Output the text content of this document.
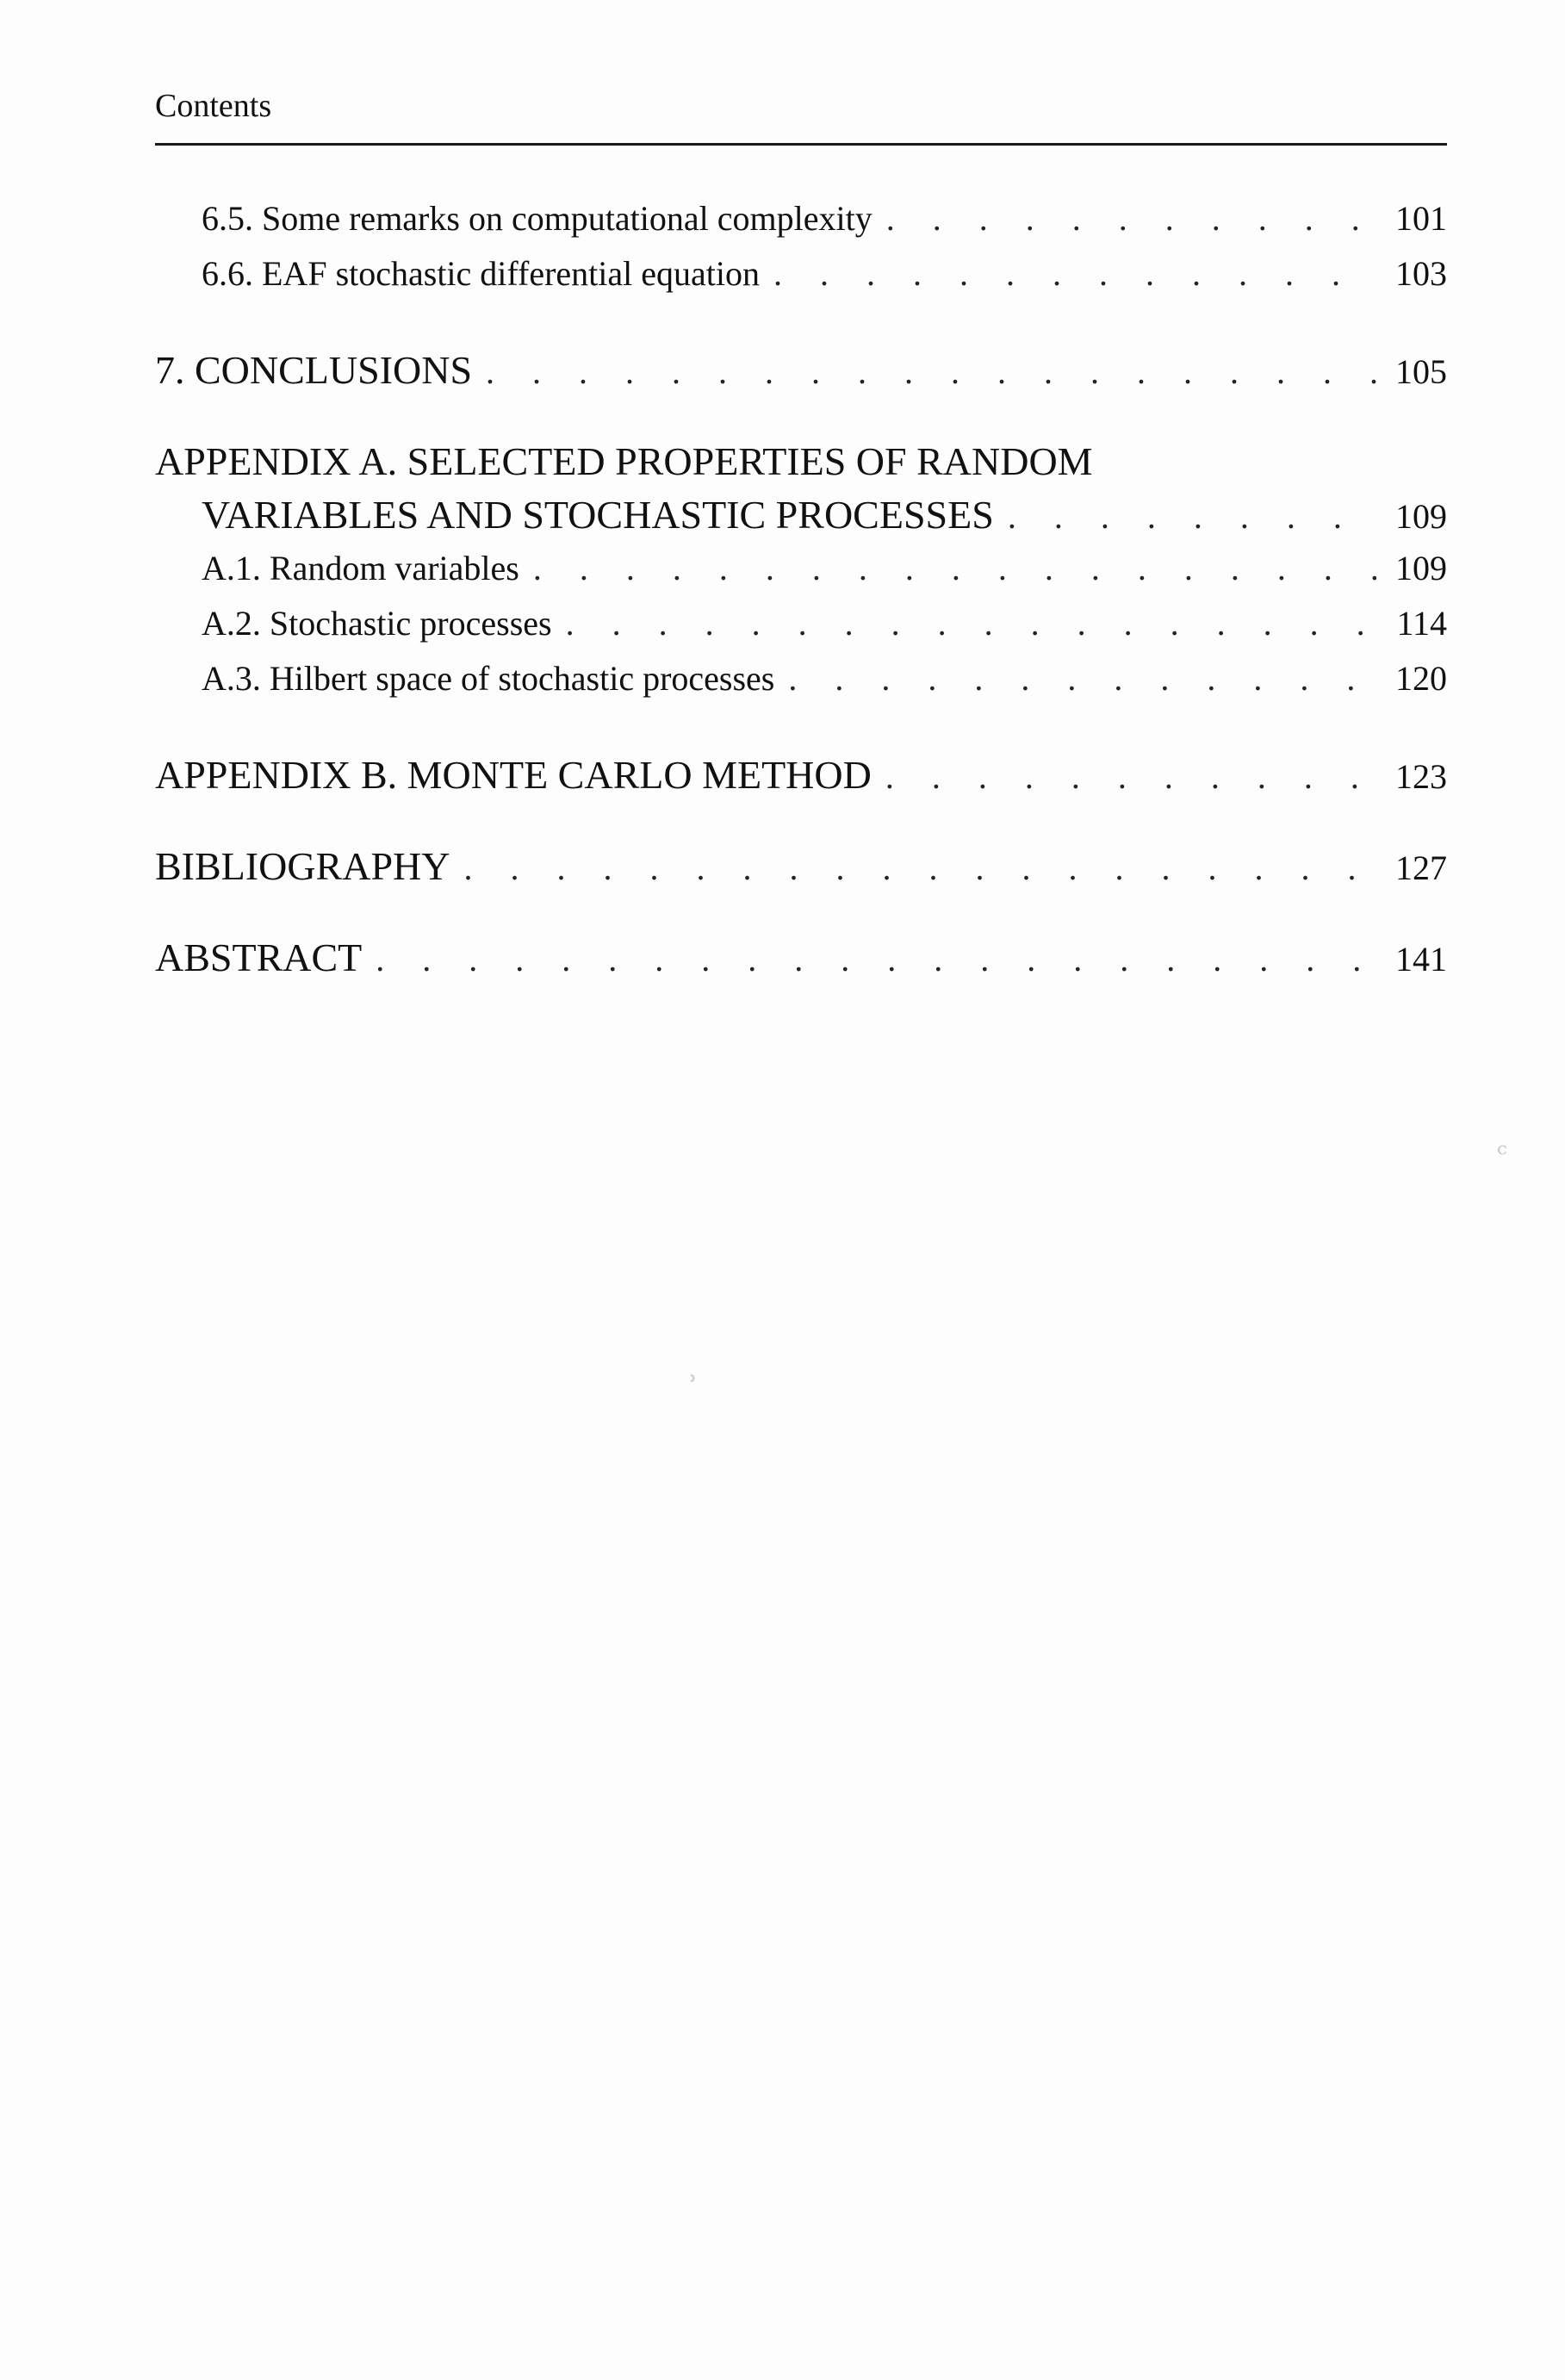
Contents
6.5. Some remarks on computational complexity . . .	101
6.6. EAF stochastic differential equation . . .	103
7. CONCLUSIONS . . .	105
APPENDIX A. SELECTED PROPERTIES OF RANDOM
VARIABLES AND STOCHASTIC PROCESSES . . .	109
A.1. Random variables . . .	109
A.2. Stochastic processes . . .	114
A.3. Hilbert space of stochastic processes . . .	120
APPENDIX B. MONTE CARLO METHOD . . .	123
BIBLIOGRAPHY . . .	127
ABSTRACT . . .	141
ᶜ
ʾ
